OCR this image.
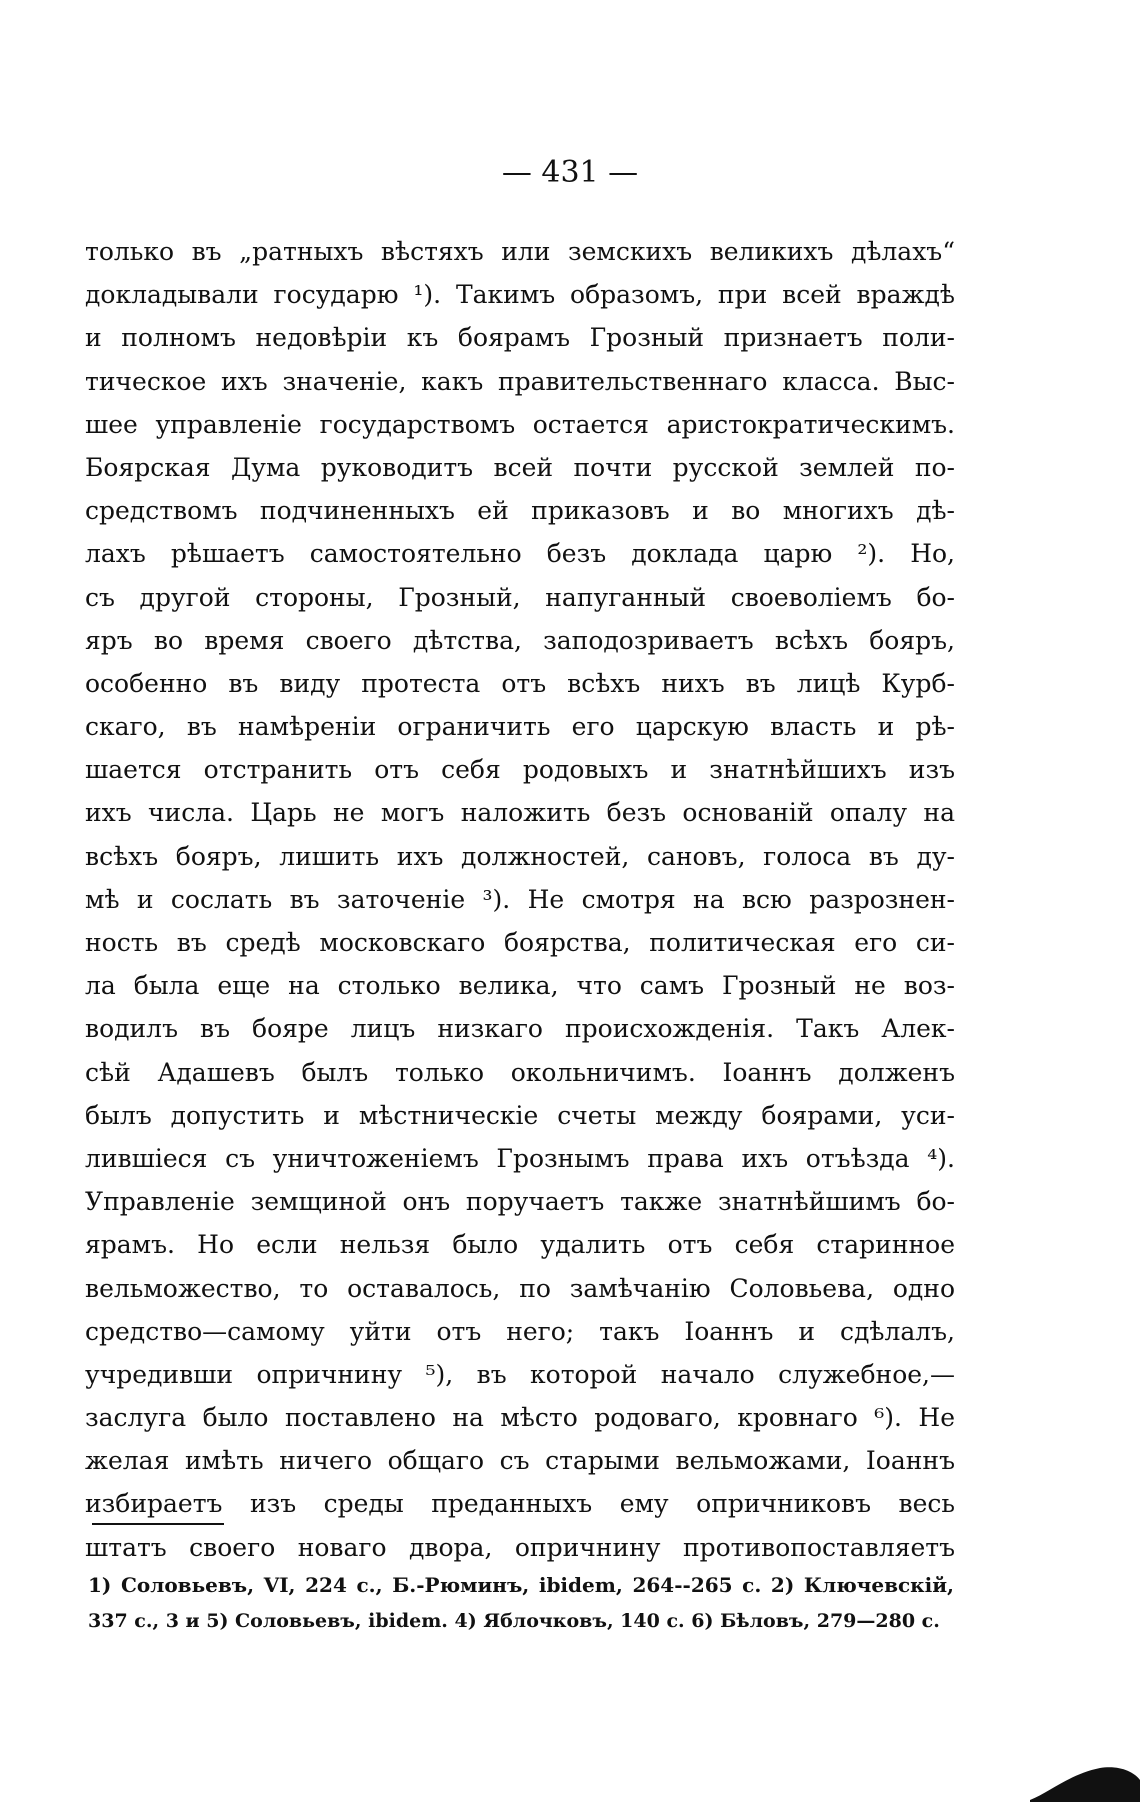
— 431 —
только въ „ратныхъ вѣстяхъ или земскихъ великихъ дѣлахъ“
докладывали государю ¹). Такимъ образомъ, при всей враждѣ
и полномъ недовѣріи къ боярамъ Грозный признаетъ поли-
тическое ихъ значеніе, какъ правительственнаго класса. Выс-
шее управленіе государствомъ остается аристократическимъ.
Боярская Дума руководитъ всей почти русской землей по-
средствомъ подчиненныхъ ей приказовъ и во многихъ дѣ-
лахъ рѣшаетъ самостоятельно безъ доклада царю ²). Но,
съ другой стороны, Грозный, напуганный своеволіемъ бо-
яръ во время своего дѣтства, заподозриваетъ всѣхъ бояръ,
особенно въ виду протеста отъ всѣхъ нихъ въ лицѣ Курб-
скаго, въ намѣреніи ограничить его царскую власть и рѣ-
шается отстранить отъ себя родовыхъ и знатнѣйшихъ изъ
ихъ числа. Царь не могъ наложить безъ основаній опалу на
всѣхъ бояръ, лишить ихъ должностей, сановъ, голоса въ ду-
мѣ и сослать въ заточеніе ³). Не смотря на всю разрознен-
ность въ средѣ московскаго боярства, политическая его си-
ла была еще на столько велика, что самъ Грозный не воз-
водилъ въ бояре лицъ низкаго происхожденія. Такъ Алек-
сѣй Адашевъ былъ только окольничимъ. Іоаннъ долженъ
былъ допустить и мѣстническіе счеты между боярами, уси-
лившіеся съ уничтоженіемъ Грознымъ права ихъ отъѣзда ⁴).
Управленіе земщиной онъ поручаетъ также знатнѣйшимъ бо-
ярамъ. Но если нельзя было удалить отъ себя старинное
вельможество, то оставалось, по замѣчанію Соловьева, одно
средство—самому уйти отъ него; такъ Іоаннъ и сдѣлалъ,
учредивши опричнину ⁵), въ которой начало служебное,—
заслуга было поставлено на мѣсто родоваго, кровнаго ⁶). Не
желая имѣть ничего общаго съ старыми вельможами, Іоаннъ
избираетъ изъ среды преданныхъ ему опричниковъ весь
штатъ своего новаго двора, опричнину противопоставляетъ
1) Соловьевъ, VI, 224 с., Б.-Рюминъ, ibidem, 264--265 с. 2) Ключевскій,
337 с., 3 и 5) Соловьевъ, ibidem. 4) Яблочковъ, 140 с. 6) Бѣловъ, 279—280 с.
